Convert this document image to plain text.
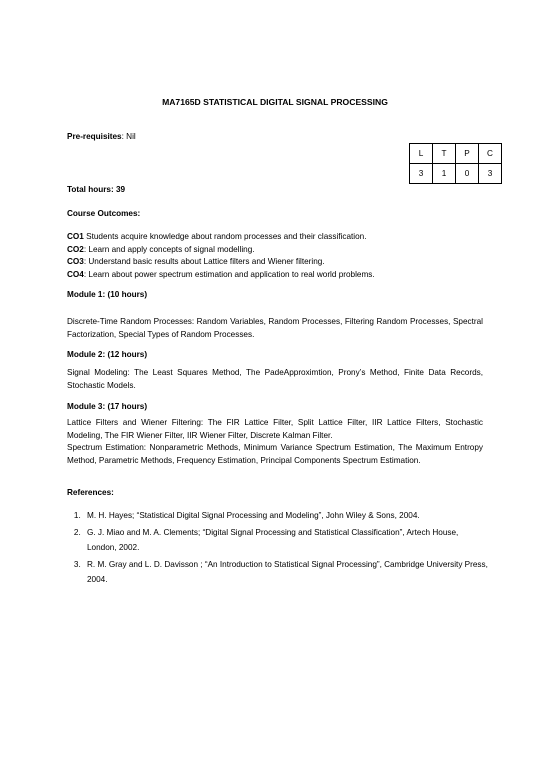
MA7165D STATISTICAL DIGITAL SIGNAL PROCESSING
Pre-requisites: Nil
L	T	P	C
3	1	0	3
Total hours: 39
Course Outcomes:
CO1 Students acquire knowledge about random processes and their classification.
CO2: Learn and apply concepts of signal modelling.
CO3: Understand basic results about Lattice filters and Wiener filtering.
CO4: Learn about power spectrum estimation and application to real world problems.
Module 1: (10 hours)
Discrete-Time Random Processes: Random Variables, Random Processes, Filtering Random Processes, Spectral Factorization, Special Types of Random Processes.
Module 2: (12 hours)
Signal Modeling: The Least Squares Method, The PadeApproximtion, Prony’s Method, Finite Data Records, Stochastic Models.
Module 3: (17 hours)
Lattice Filters and Wiener Filtering: The FIR Lattice Filter, Split Lattice Filter, IIR Lattice Filters, Stochastic Modeling, The FIR Wiener Filter, IIR Wiener Filter, Discrete Kalman Filter.
Spectrum Estimation: Nonparametric Methods, Minimum Variance Spectrum Estimation, The Maximum Entropy Method, Parametric Methods, Frequency Estimation, Principal Components Spectrum Estimation.
References:
1. M. H. Hayes; “Statistical Digital Signal Processing and Modeling”, John Wiley & Sons, 2004.
2. G. J. Miao and M. A. Clements; “Digital Signal Processing and Statistical Classification”, Artech House, London, 2002.
3. R. M. Gray and L. D. Davisson ; “An Introduction to Statistical Signal Processing”, Cambridge University Press, 2004.
